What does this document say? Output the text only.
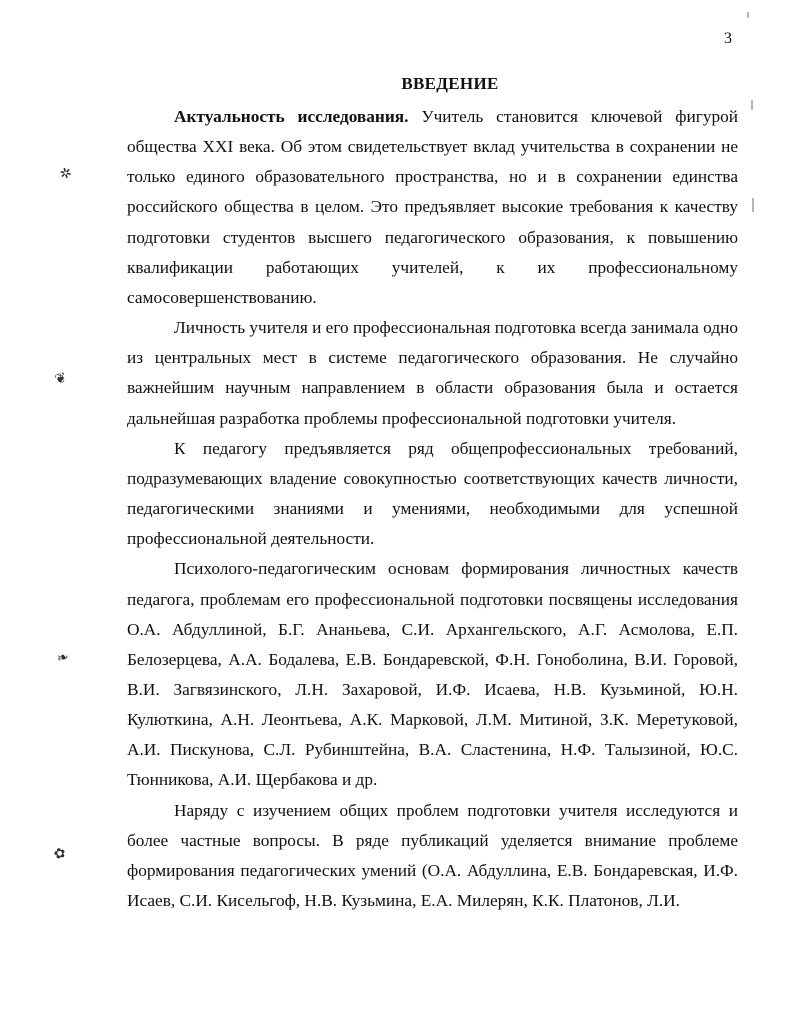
3
ВВЕДЕНИЕ

Актуальность исследования. Учитель становится ключевой фигурой общества XXI века. Об этом свидетельствует вклад учительства в сохранении не только единого образовательного пространства, но и в сохранении единства российского общества в целом. Это предъявляет высокие требования к качеству подготовки студентов высшего педагогического образования, к повышению квалификации работающих учителей, к их профессиональному самосовершенствованию.

Личность учителя и его профессиональная подготовка всегда занимала одно из центральных мест в системе педагогического образования. Не случайно важнейшим научным направлением в области образования была и остается дальнейшая разработка проблемы профессиональной подготовки учителя.

К педагогу предъявляется ряд общепрофессиональных требований, подразумевающих владение совокупностью соответствующих качеств личности, педагогическими знаниями и умениями, необходимыми для успешной профессиональной деятельности.

Психолого-педагогическим основам формирования личностных качеств педагога, проблемам его профессиональной подготовки посвящены исследования О.А. Абдуллиной, Б.Г. Ананьева, С.И. Архангельского, А.Г. Асмолова, Е.П. Белозерцева, А.А. Бодалева, Е.В. Бондаревской, Ф.Н. Гоноболина, В.И. Горовой, В.И. Загвязинского, Л.Н. Захаровой, И.Ф. Исаева, Н.В. Кузьминой, Ю.Н. Кулюткина, А.Н. Леонтьева, А.К. Марковой, Л.М. Митиной, З.К. Меретуковой, А.И. Пискунова, С.Л. Рубинштейна, В.А. Сластенина, Н.Ф. Талызиной, Ю.С. Тюнникова, А.И. Щербакова и др.

Наряду с изучением общих проблем подготовки учителя исследуются и более частные вопросы. В ряде публикаций уделяется внимание проблеме формирования педагогических умений (О.А. Абдуллина, Е.В. Бондаревская, И.Ф. Исаев, С.И. Кисельгоф, Н.В. Кузьмина, Е.А. Милерян, К.К. Платонов, Л.И.

✲
❦
❧
✿
